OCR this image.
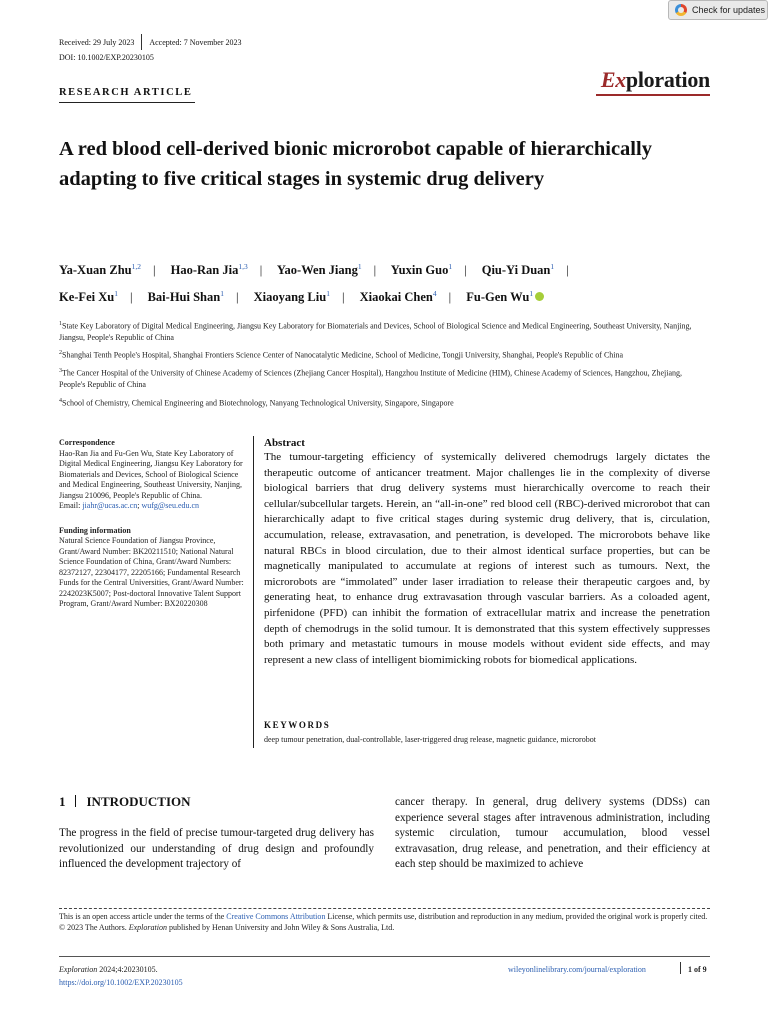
Check for updates
Received: 29 July 2023 Accepted: 7 November 2023
DOI: 10.1002/EXP.20230105
Exploration
RESEARCH ARTICLE
A red blood cell-derived bionic microrobot capable of hierarchically adapting to five critical stages in systemic drug delivery
Ya-Xuan Zhu$^{1,2}$ | Hao-Ran Jia$^{1,3}$ | Yao-Wen Jiang$^1$ | Yuxin Guo$^1$ | Qiu-Yi Duan$^1$ |
Ke-Fei Xu$^1$ | Bai-Hui Shan$^1$ | Xiaoyang Liu$^1$ | Xiaokai Chen$^4$ | Fu-Gen Wu$^1$
$^1$State Key Laboratory of Digital Medical Engineering, Jiangsu Key Laboratory for Biomaterials and Devices, School of Biological Science and Medical Engineering, Southeast University, Nanjing, Jiangsu, People's Republic of China
$^2$Shanghai Tenth People's Hospital, Shanghai Frontiers Science Center of Nanocatalytic Medicine, School of Medicine, Tongji University, Shanghai, People's Republic of China
$^3$The Cancer Hospital of the University of Chinese Academy of Sciences (Zhejiang Cancer Hospital), Hangzhou Institute of Medicine (HIM), Chinese Academy of Sciences, Hangzhou, Zhejiang, People's Republic of China
$^4$School of Chemistry, Chemical Engineering and Biotechnology, Nanyang Technological University, Singapore, Singapore
Correspondence
Hao-Ran Jia and Fu-Gen Wu, State Key Laboratory of Digital Medical Engineering, Jiangsu Key Laboratory for Biomaterials and Devices, School of Biological Science and Medical Engineering, Southeast University, Nanjing, Jiangsu 210096, People's Republic of China.
Email: jiahr@ucas.ac.cn; wufg@seu.edu.cn
Funding information
Natural Science Foundation of Jiangsu Province, Grant/Award Number: BK20211510; National Natural Science Foundation of China, Grant/Award Numbers: 82372127, 22304177, 22205166; Fundamental Research Funds for the Central Universities, Grant/Award Number: 2242023K5007; Post-doctoral Innovative Talent Support Program, Grant/Award Number: BX20220308
Abstract

The tumour-targeting efficiency of systemically delivered chemodrugs largely dictates the therapeutic outcome of anticancer treatment. Major challenges lie in the complexity of diverse biological barriers that drug delivery systems must hierarchically overcome to reach their cellular/subcellular targets. Herein, an “all-in-one” red blood cell (RBC)-derived microrobot that can hierarchically adapt to five critical stages during systemic drug delivery, that is, circulation, accumulation, release, extravasation, and penetration, is developed. The microrobots behave like natural RBCs in blood circulation, due to their almost identical surface properties, but can be magnetically manipulated to accumulate at regions of interest such as tumours. Next, the microrobots are “immolated” under laser irradiation to release their therapeutic cargoes and, by generating heat, to enhance drug extravasation through vascular barriers. As a coloaded agent, pirfenidone (PFD) can inhibit the formation of extracellular matrix and increase the penetration depth of chemodrugs in the solid tumour. It is demonstrated that this system effectively suppresses both primary and metastatic tumours in mouse models without evident side effects, and may represent a new class of intelligent biomimicking robots for biomedical applications.

KEYWORDS
deep tumour penetration, dual-controllable, laser-triggered drug release, magnetic guidance, microrobot
1 INTRODUCTION

The progress in the field of precise tumour-targeted drug delivery has revolutionized our understanding of drug design and profoundly influenced the development trajectory of

cancer therapy. In general, drug delivery systems (DDSs) can experience several stages after intravenous administration, including systemic circulation, tumour accumulation, blood vessel extravasation, drug release, and penetration, and their efficiency at each step should be maximized to achieve

This is an open access article under the terms of the Creative Commons Attribution License, which permits use, distribution and reproduction in any medium, provided the original work is properly cited.
© 2023 The Authors. Exploration published by Henan University and John Wiley & Sons Australia, Ltd.
Exploration 2024;4:20230105.
https://doi.org/10.1002/EXP.20230105
wileyonlinelibrary.com/journal/exploration	1 of 9
